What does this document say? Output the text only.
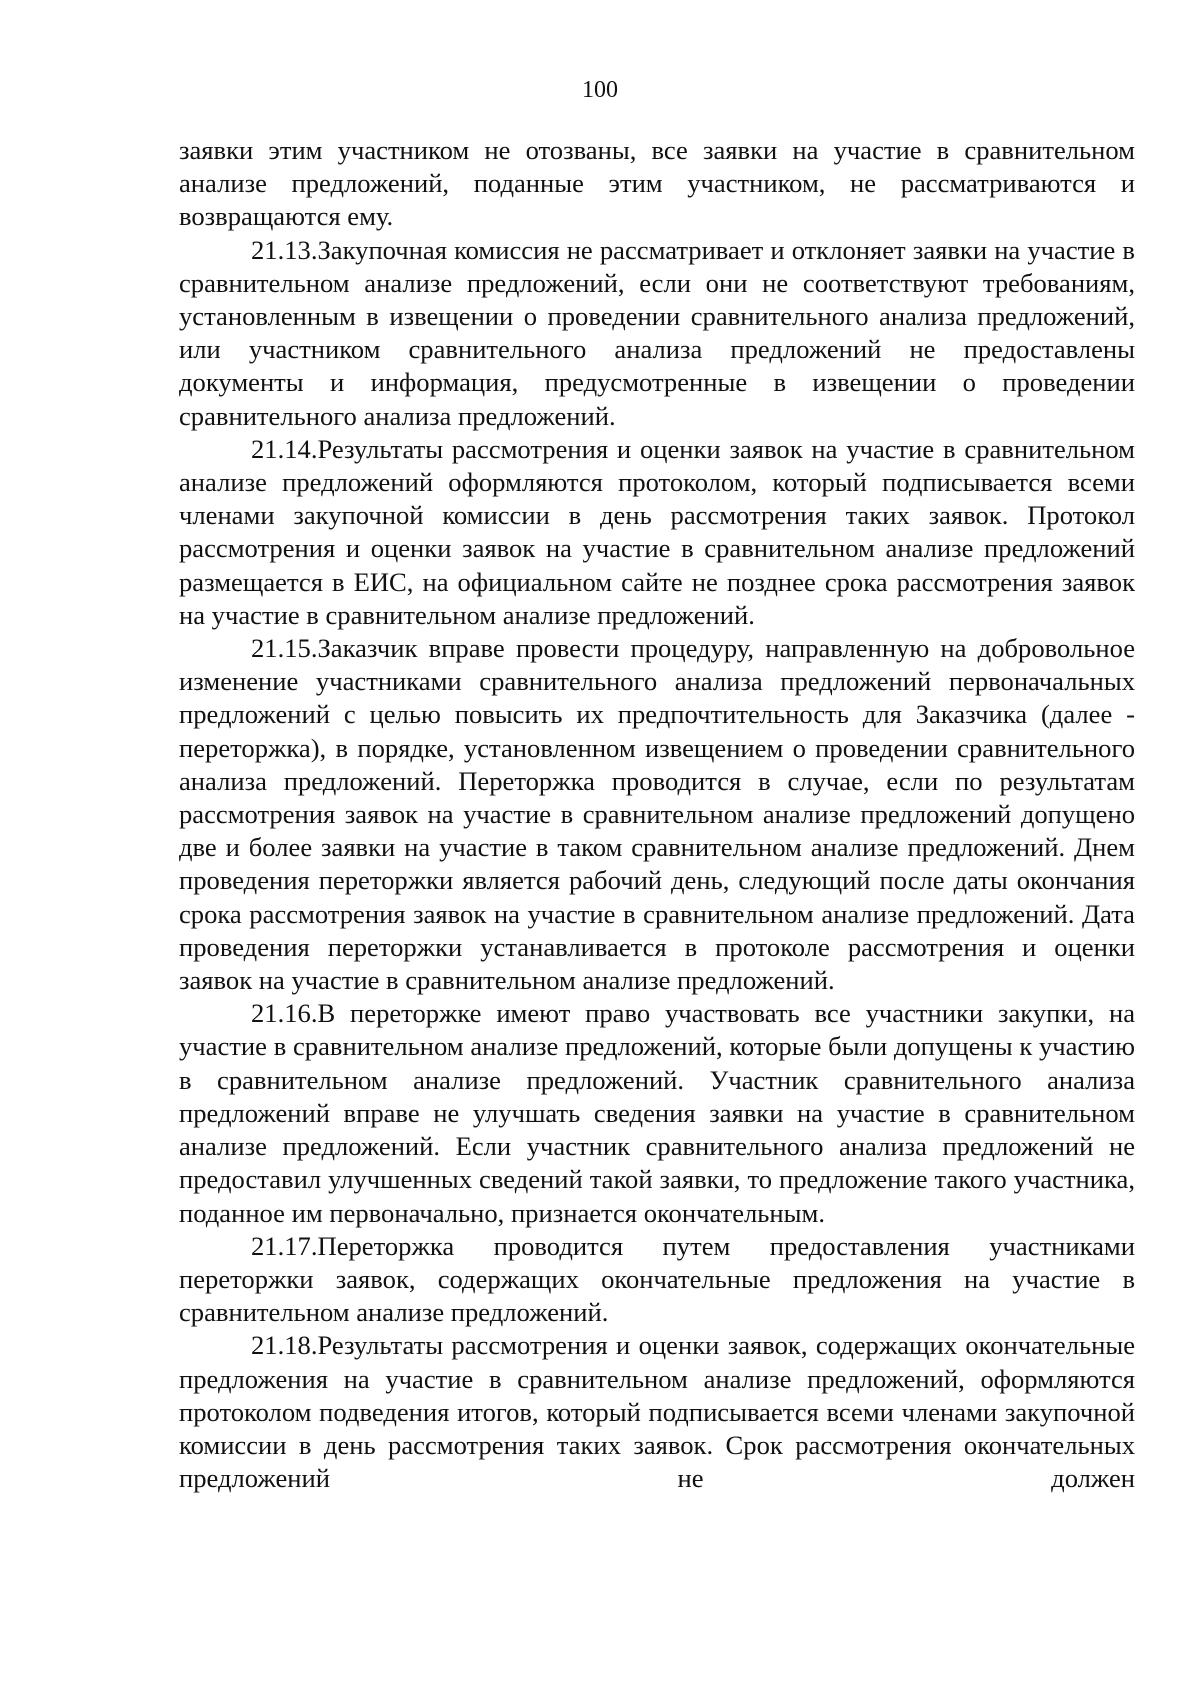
100

заявки этим участником не отозваны, все заявки на участие в сравнительном анализе предложений, поданные этим участником, не рассматриваются и возвращаются ему.

21.13.Закупочная комиссия не рассматривает и отклоняет заявки на участие в сравнительном анализе предложений, если они не соответствуют требованиям, установленным в извещении о проведении сравнительного анализа предложений, или участником сравнительного анализа предложений не предоставлены документы и информация, предусмотренные в извещении о проведении сравнительного анализа предложений.

21.14.Результаты рассмотрения и оценки заявок на участие в сравнительном анализе предложений оформляются протоколом, который подписывается всеми членами закупочной комиссии в день рассмотрения таких заявок. Протокол рассмотрения и оценки заявок на участие в сравнительном анализе предложений размещается в ЕИС, на официальном сайте не позднее срока рассмотрения заявок на участие в сравнительном анализе предложений.

21.15.Заказчик вправе провести процедуру, направленную на добровольное изменение участниками сравнительного анализа предложений первоначальных предложений с целью повысить их предпочтительность для Заказчика (далее - переторжка), в порядке, установленном извещением о проведении сравнительного анализа предложений. Переторжка проводится в случае, если по результатам рассмотрения заявок на участие в сравнительном анализе предложений допущено две и более заявки на участие в таком сравнительном анализе предложений. Днем проведения переторжки является рабочий день, следующий после даты окончания срока рассмотрения заявок на участие в сравнительном анализе предложений. Дата проведения переторжки устанавливается в протоколе рассмотрения и оценки заявок на участие в сравнительном анализе предложений.

21.16.В переторжке имеют право участвовать все участники закупки, на участие в сравнительном анализе предложений, которые были допущены к участию в сравнительном анализе предложений. Участник сравнительного анализа предложений вправе не улучшать сведения заявки на участие в сравнительном анализе предложений. Если участник сравнительного анализа предложений не предоставил улучшенных сведений такой заявки, то предложение такого участника, поданное им первоначально, признается окончательным.

21.17.Переторжка проводится путем предоставления участниками переторжки заявок, содержащих окончательные предложения на участие в сравнительном анализе предложений.

21.18.Результаты рассмотрения и оценки заявок, содержащих окончательные предложения на участие в сравнительном анализе предложений, оформляются протоколом подведения итогов, который подписывается всеми членами закупочной комиссии в день рассмотрения таких заявок. Срок рассмотрения окончательных предложений не должен
